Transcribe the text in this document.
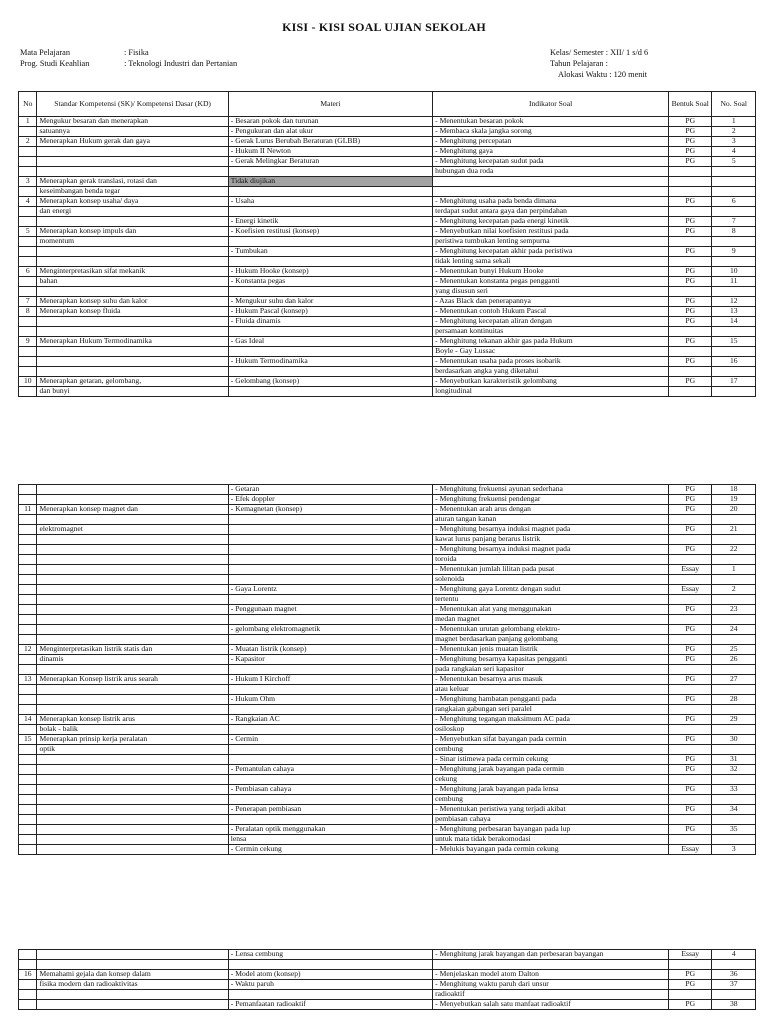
KISI - KISI SOAL UJIAN SEKOLAH
Mata Pelajaran	: Fisika
Prog. Studi Keahlian	: Teknologi Industri dan Pertanian
Kelas/ Semester : XII/ 1 s/d 6
Tahun Pelajaran :
Alokasi Waktu : 120 menit
No	Standar Kompetensi (SK)/ Kompetensi Dasar (KD)	Materi	Indikator Soal	Bentuk Soal	No. Soal
1	Mengukur besaran dan menerapkan	- Besaran pokok dan turunan	- Menentukan besaran pokok	PG	1
	satuannya	- Pengukuran dan alat ukur	- Membaca skala jangka sorong	PG	2
2	Menerapkan Hukum gerak dan gaya	- Gerak Lurus Berubah Beraturan (GLBB)	- Menghitung percepatan	PG	3
		- Hukum II Newton	- Menghitung gaya	PG	4
		- Gerak Melingkar Beraturan	- Menghitung kecepatan sudut pada	PG	5
			hubungan dua roda		
3	Menerapkan gerak translasi, rotasi dan	Tidak diujikan			
	keseimbangan benda tegar				
4	Menerapkan konsep usaha/ daya	- Usaha	- Menghitung usaha pada benda dimana	PG	6
	dan energi		terdapat sudut antara gaya dan perpindahan		
		- Energi kinetik	- Menghitung kecepatan pada energi kinetik	PG	7
5	Menerapkan konsep impuls dan	- Koefisien restitusi (konsep)	- Menyebutkan nilai koefisien restitusi pada	PG	8
	momentum		peristiwa tumbukan lenting sempurna		
		- Tumbukan	- Menghitung kecepatan akhir pada peristiwa	PG	9
			tidak lenting sama sekali		
6	Menginterpretasikan sifat mekanik	- Hukum Hooke (konsep)	- Menentukan bunyi Hukum Hooke	PG	10
	bahan	- Konstanta pegas	- Menentukan konstanta pegas pengganti	PG	11
			yang disusun seri		
7	Menerapkan konsep suhu dan kalor	- Mengukur suhu dan kalor	- Azas Black dan penerapannya	PG	12
8	Menerapkan konsep fluida	- Hukum Pascal (konsep)	- Menentukan contoh Hukum Pascal	PG	13
		- Fluida dinamis	- Menghitung kecepatan aliran dengan	PG	14
			persamaan kontinuitas		
9	Menerapkan Hukum Termodinamika	- Gas Ideal	- Menghitung tekanan akhir gas pada Hukum	PG	15
			Boyle - Gay Lussac		
		- Hukum Termodinamika	- Menentukan usaha pada proses isobarik	PG	16
			berdasarkan angka yang diketahui		
10	Menerapkan getaran, gelombang,	- Gelombang (konsep)	- Menyebutkan karakteristik gelombang	PG	17
	dan bunyi		longitudinal		
		- Getaran	- Menghitung frekuensi ayunan sederhana	PG	18
		- Efek doppler	- Menghitung frekuensi pendengar	PG	19
11	Menerapkan konsep magnet dan	- Kemagnetan (konsep)	- Menentukan arah arus dengan	PG	20
			aturan tangan kanan		
	elektromagnet		- Menghitung besarnya induksi magnet pada	PG	21
			kawat lurus panjang berarus listrik		
			- Menghitung besarnya induksi magnet pada	PG	22
			toroida		
			- Menentukan jumlah lilitan pada pusat	Essay	1
			solenoida		
		- Gaya Lorentz	- Menghitung gaya Lorentz dengan sudut	Essay	2
			tertentu		
		- Penggunaan magnet	- Menentukan alat yang menggunakan	PG	23
			medan magnet		
		- gelombang elektromagnetik	- Menentukan urutan gelombang elektro-	PG	24
			magnet berdasarkan panjang gelombang		
12	Menginterpretasikan listrik statis dan	- Muatan listrik (konsep)	- Menentukan jenis muatan listrik	PG	25
	dinamis	- Kapasitor	- Menghitung besarnya kapasitas pengganti	PG	26
			pada rangkaian seri kapasitor		
13	Menerapkan Konsep listrik arus searah	- Hukum I Kirchoff	- Menentukan besarnya arus masuk	PG	27
			atau keluar		
		- Hukum Ohm	- Menghitung hambatan pengganti pada	PG	28
			rangkaian gabungan seri paralel		
14	Menerapkan konsep listrik arus	- Rangkaian AC	- Menghitung tegangan maksimum AC pada	PG	29
	bolak - balik		osiloskop		
15	Menerapkan prinsip kerja peralatan	- Cermin	- Menyebutkan sifat bayangan pada cermin	PG	30
	optik		cembung		
			- Sinar istimewa pada cermin cekung	PG	31
		- Pemantulan cahaya	- Menghitung jarak bayangan pada cermin	PG	32
			cekung		
		- Pembiasan cahaya	- Menghitung jarak bayangan pada lensa	PG	33
			cembung		
		- Penerapan pembiasan	- Menentukan peristiwa yang terjadi akibat	PG	34
			pembiasan cahaya		
		- Peralatan optik menggunakan	- Menghitung perbesaran bayangan pada lup	PG	35
		lensa	untuk mata tidak berakomodasi		
		- Cermin cekung	- Melukis bayangan pada cermin cekung	Essay	3
		- Lensa cembung	- Menghitung jarak bayangan dan perbesaran bayangan	Essay	4

16	Memahami gejala dan konsep dalam	- Model atom (konsep)	- Menjelaskan model atom Dalton	PG	36
	fisika modern dan radioaktivitas	- Waktu paruh	- Menghitung waktu paruh dari unsur	PG	37
			radioaktif		
		- Pemanfaatan radioaktif	- Menyebutkan salah satu manfaat radioaktif	PG	38
